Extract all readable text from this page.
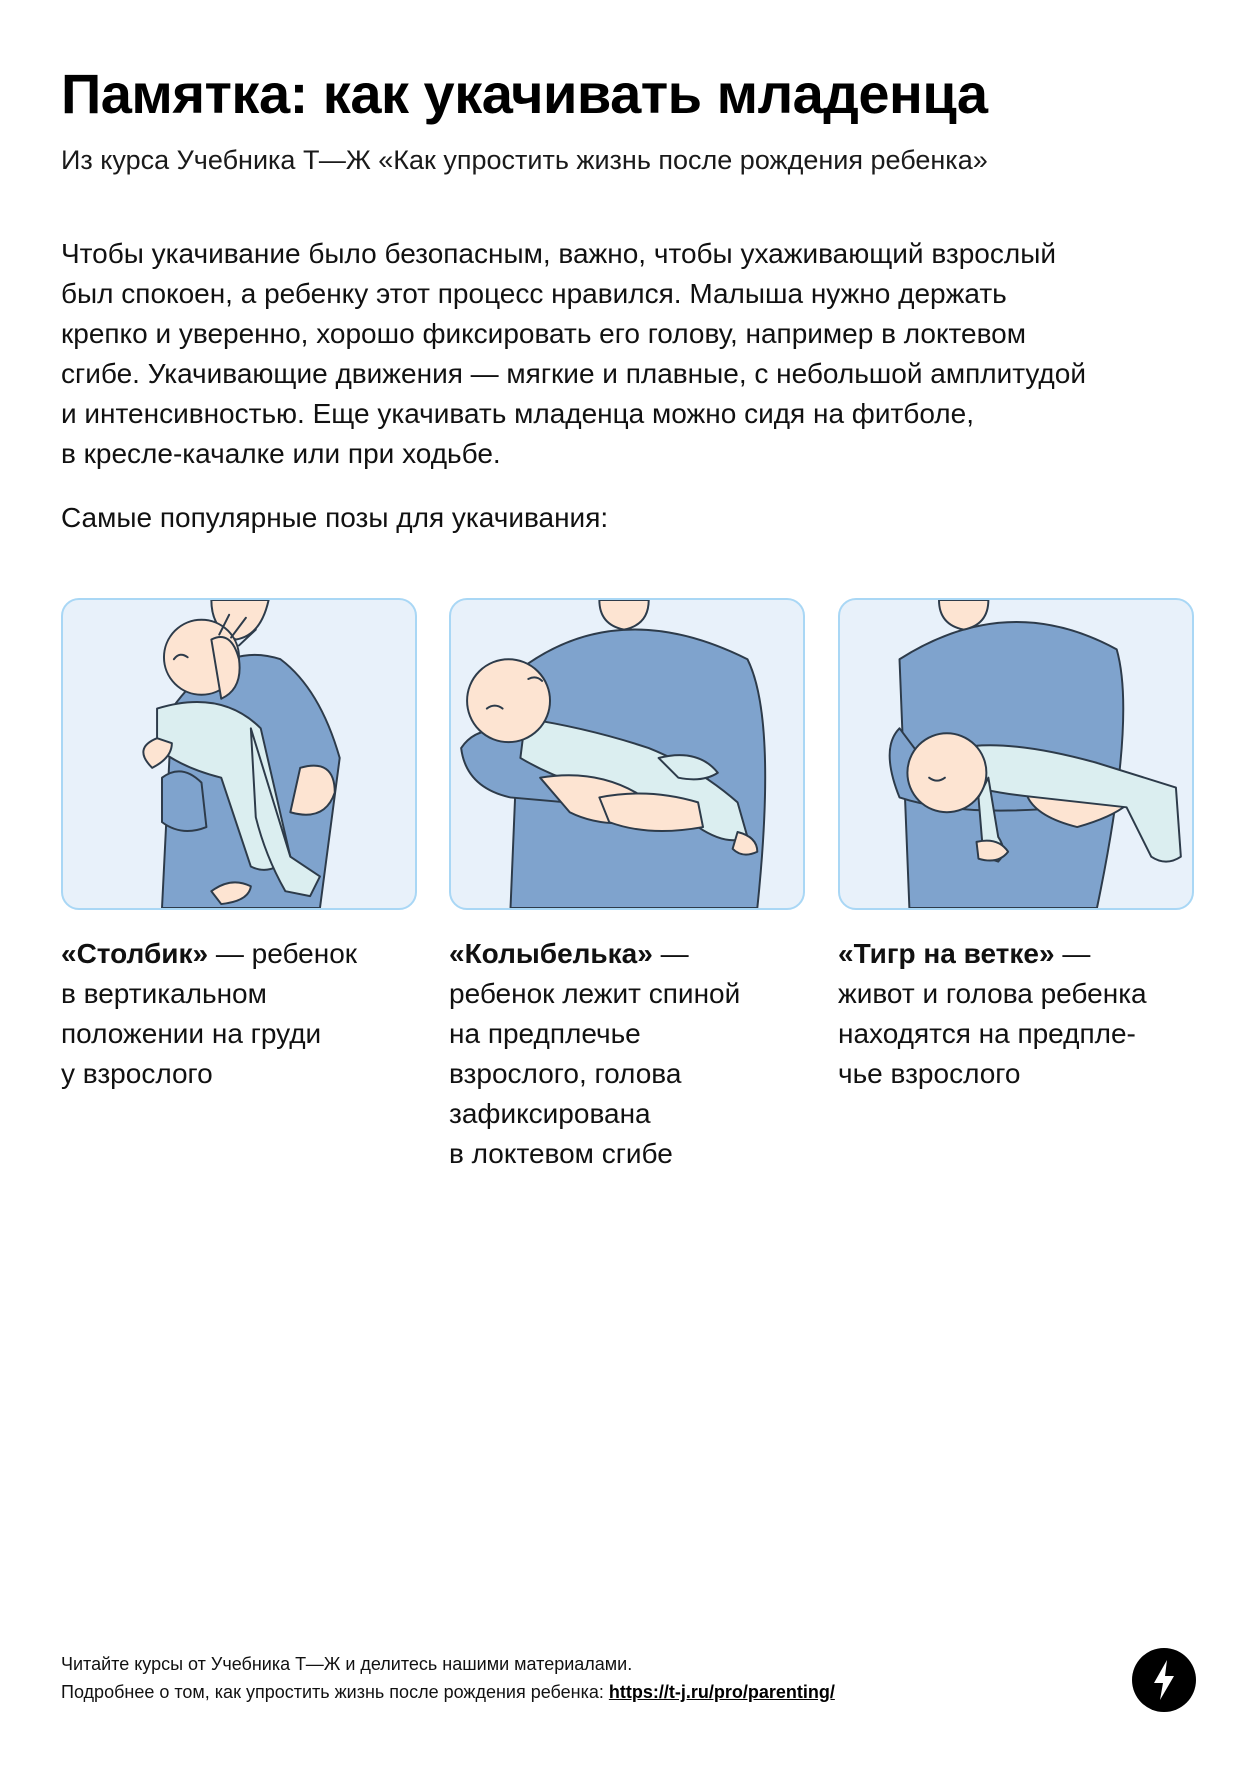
Памятка: как укачивать младенца

Из курса Учебника Т—Ж «Как упростить жизнь после рождения ребенка»

Чтобы укачивание было безопасным, важно, чтобы ухаживающий взрослый
был спокоен, а ребенку этот процесс нравился. Малыша нужно держать
крепко и уверенно, хорошо фиксировать его голову, например в локтевом
сгибе. Укачивающие движения — мягкие и плавные, с небольшой амплитудой
и интенсивностью. Еще укачивать младенца можно сидя на фитболе,
в кресле-качалке или при ходьбе.
Самые популярные позы для укачивания:
«Столбик» — ребенок
в вертикальном
положении на груди
у взрослого
«Колыбелька» —
ребенок лежит спиной
на предплечье
взрослого, голова
зафиксирована
в локтевом сгибе
«Тигр на ветке» —
живот и голова ребенка
находятся на предпле-
чье взрослого
Читайте курсы от Учебника Т—Ж и делитесь нашими материалами.
Подробнее о том, как упростить жизнь после рождения ребенка: https://t-j.ru/pro/parenting/
